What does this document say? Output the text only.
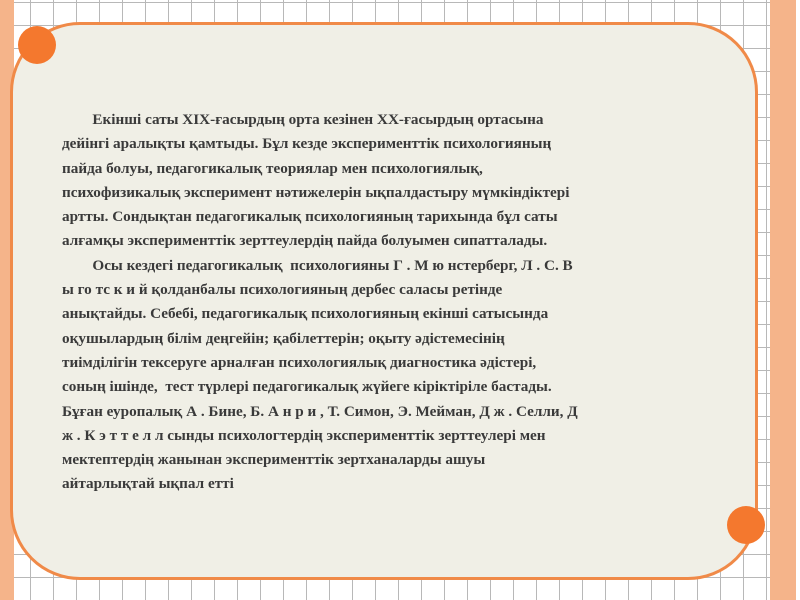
Екінші саты XIX-ғасырдың орта кезінен XX-ғасырдың ортасына

дейінгі аралықты қамтыды. Бұл кезде эксперименттік психологияның

пайда болуы, педагогикалық теориялар мен психологиялық,

психофизикалық эксперимент нәтижелерін ықпалдастыру мүмкіндіктері

артты. Сондықтан педагогикалық психологияның тарихында бұл саты

алғамқы эксперименттік зерттеулердің пайда болуымен сипатталады.

Осы кездегі педагогикалық  психологияны Г . М ю нстерберг, Л . С. В

ы го тс к и й қолданбалы психологияның дербес саласы ретінде

анықтайды. Себебі, педагогикалық психологияның екінші сатысында

оқушылардың білім деңгейін; қабілеттерін; оқыту әдістемесінің

тиімділігін тексеруге арналған психологиялық диагностика әдістері,

соның ішінде,  тест түрлері педагогикалық жүйеге кіріктіріле бастады.

Бұған еуропалық А . Бине, Б. А н р и , Т. Симон, Э. Мейман, Д ж . Селли, Д

ж . К э т т е л л сынды психологтердің эксперименттік зерттеулері мен

мектептердің жанынан эксперименттік зертханаларды ашуы

айтарлықтай ықпал етті
